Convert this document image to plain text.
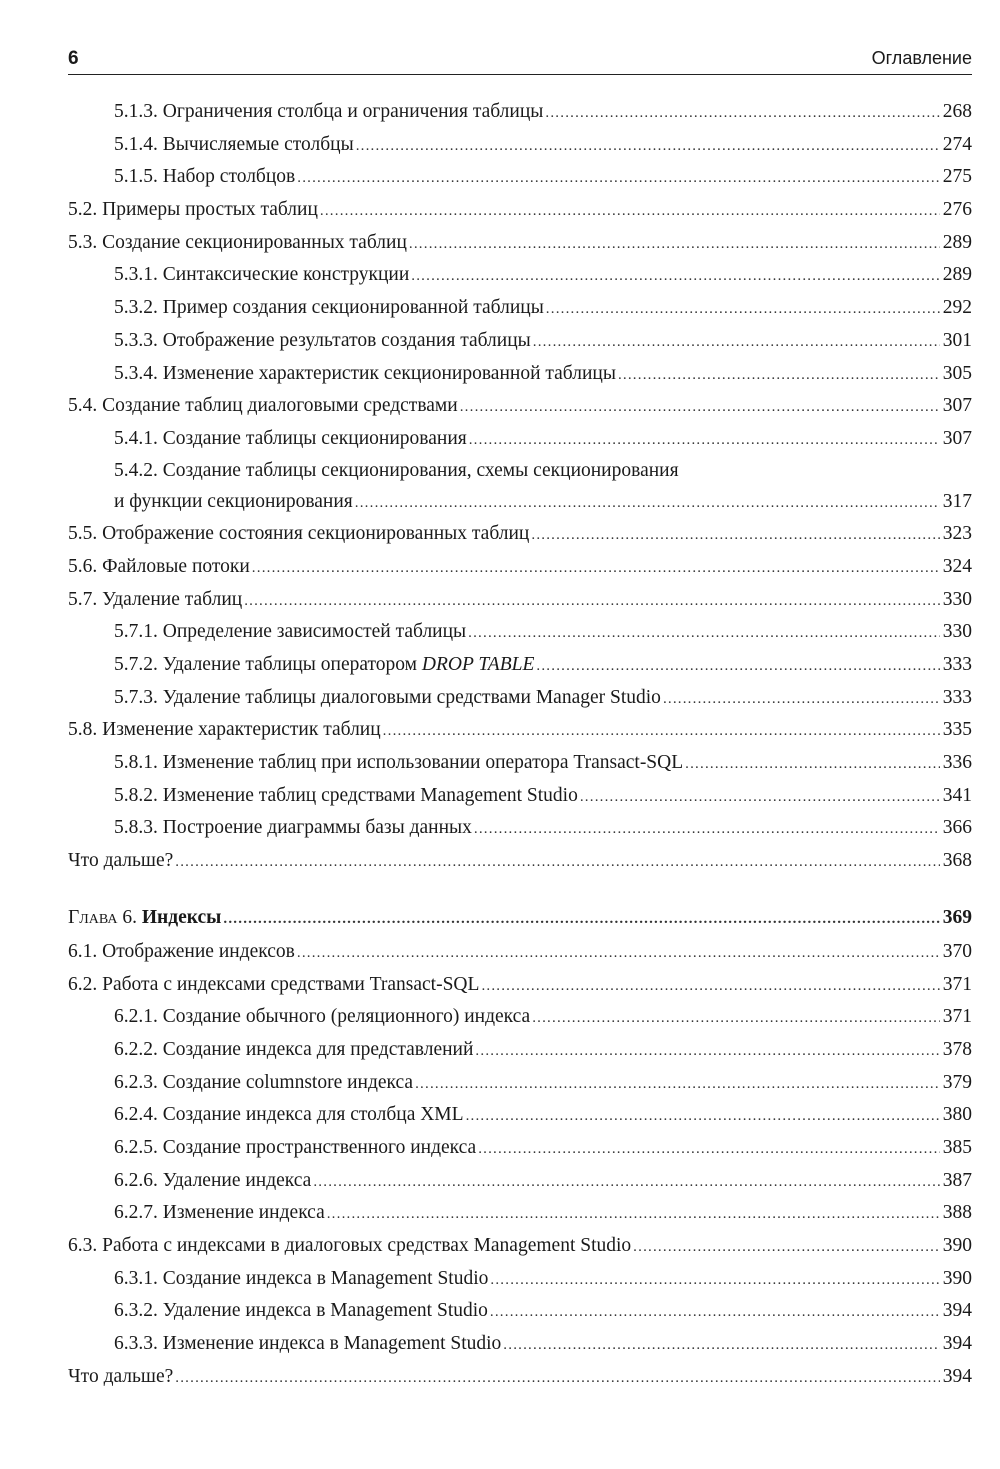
6	Оглавление
5.1.3. Ограничения столбца и ограничения таблицы .....	268
5.1.4. Вычисляемые столбцы .....	274
5.1.5. Набор столбцов .....	275
5.2. Примеры простых таблиц .....	276
5.3. Создание секционированных таблиц .....	289
5.3.1. Синтаксические конструкции .....	289
5.3.2. Пример создания секционированной таблицы .....	292
5.3.3. Отображение результатов создания таблицы .....	301
5.3.4. Изменение характеристик секционированной таблицы .....	305
5.4. Создание таблиц диалоговыми средствами .....	307
5.4.1. Создание таблицы секционирования .....	307
5.4.2. Создание таблицы секционирования, схемы секционирования
и функции секционирования .....	317
5.5. Отображение состояния секционированных таблиц .....	323
5.6. Файловые потоки .....	324
5.7. Удаление таблиц .....	330
5.7.1. Определение зависимостей таблицы .....	330
5.7.2. Удаление таблицы оператором DROP TABLE .....	333
5.7.3. Удаление таблицы диалоговыми средствами Manager Studio .....	333
5.8. Изменение характеристик таблиц .....	335
5.8.1. Изменение таблиц при использовании оператора Transact-SQL .....	336
5.8.2. Изменение таблиц средствами Management Studio .....	341
5.8.3. Построение диаграммы базы данных .....	366
Что дальше? .....	368
Глава 6. Индексы .....	369
6.1. Отображение индексов .....	370
6.2. Работа с индексами средствами Transact-SQL .....	371
6.2.1. Создание обычного (реляционного) индекса .....	371
6.2.2. Создание индекса для представлений .....	378
6.2.3. Создание columnstore индекса .....	379
6.2.4. Создание индекса для столбца XML .....	380
6.2.5. Создание пространственного индекса .....	385
6.2.6. Удаление индекса .....	387
6.2.7. Изменение индекса .....	388
6.3. Работа с индексами в диалоговых средствах Management Studio .....	390
6.3.1. Создание индекса в Management Studio .....	390
6.3.2. Удаление индекса в Management Studio .....	394
6.3.3. Изменение индекса в Management Studio .....	394
Что дальше? .....	394
